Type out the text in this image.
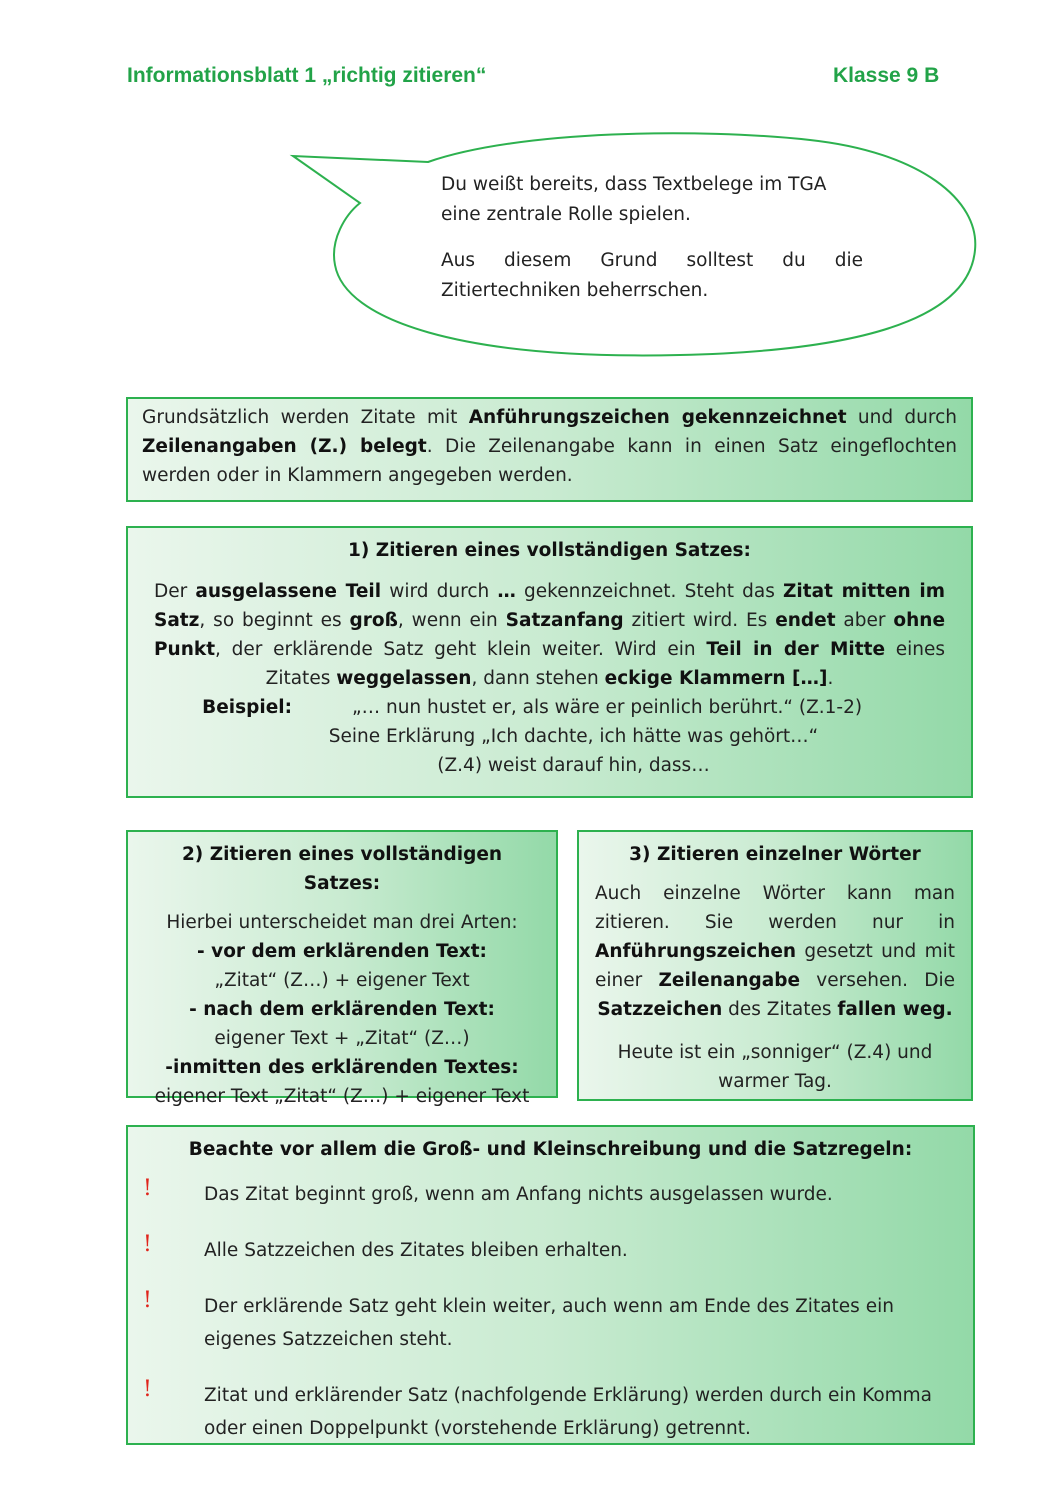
Informationsblatt 1 „richtig zitieren“	Klasse 9 B

Du weißt bereits, dass Textbelege im TGA eine zentrale Rolle spielen.

Aus diesem Grund solltest du die
Zitiertechniken beherrschen.

Grundsätzlich werden Zitate mit Anführungszeichen gekennzeichnet und durch Zeilenangaben (Z.) belegt. Die Zeilenangabe kann in einen Satz eingeflochten werden oder in Klammern angegeben werden.
1) Zitieren eines vollständigen Satzes:
Der ausgelassene Teil wird durch … gekennzeichnet. Steht das Zitat mitten im Satz, so beginnt es groß, wenn ein Satzanfang zitiert wird. Es endet aber ohne Punkt, der erklärende Satz geht klein weiter. Wird ein Teil in der Mitte eines Zitates weggelassen, dann stehen eckige Klammern […].
Beispiel:	„… nun hustet er, als wäre er peinlich berührt.“ (Z.1-2)
Seine Erklärung „Ich dachte, ich hätte was gehört…“ (Z.4) weist darauf hin, dass…
2) Zitieren eines vollständigen Satzes:
Hierbei unterscheidet man drei Arten:
- vor dem erklärenden Text:
„Zitat“ (Z…) + eigener Text
- nach dem erklärenden Text:
eigener Text + „Zitat“ (Z…)
-inmitten des erklärenden Textes:
eigener Text „Zitat“ (Z…) + eigener Text
3) Zitieren einzelner Wörter
Auch einzelne Wörter kann man zitieren. Sie werden nur in Anführungszeichen gesetzt und mit einer Zeilenangabe versehen. Die Satzzeichen des Zitates fallen weg.
Heute ist ein „sonniger“ (Z.4) und warmer Tag.
Beachte vor allem die Groß- und Kleinschreibung und die Satzregeln:
!	Das Zitat beginnt groß, wenn am Anfang nichts ausgelassen wurde.
!	Alle Satzzeichen des Zitates bleiben erhalten.
!	Der erklärende Satz geht klein weiter, auch wenn am Ende des Zitates ein eigenes Satzzeichen steht.
!	Zitat und erklärender Satz (nachfolgende Erklärung) werden durch ein Komma oder einen Doppelpunkt (vorstehende Erklärung) getrennt.
